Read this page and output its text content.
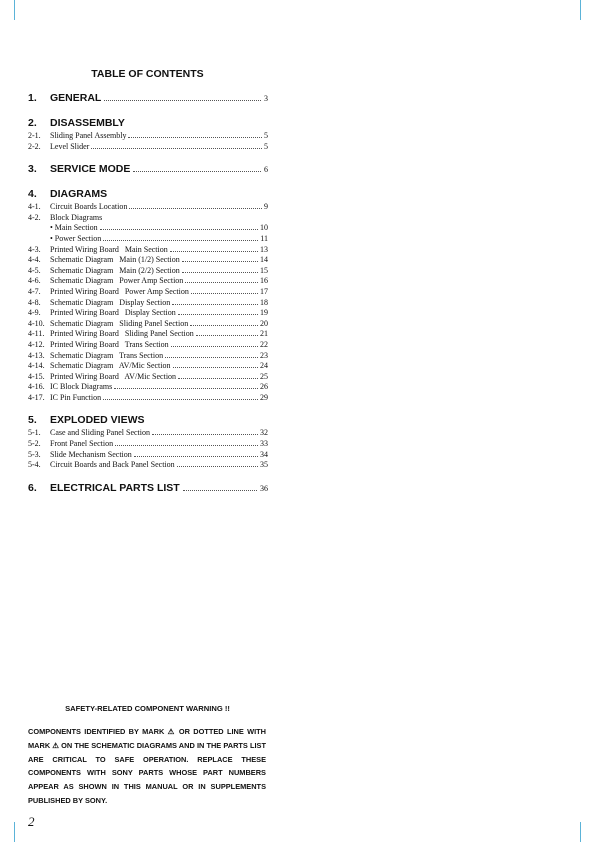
TABLE OF CONTENTS
1.	GENERAL	3
2.	DISASSEMBLY
2-1.	Sliding Panel Assembly	5
2-2.	Level Slider	5
3.	SERVICE MODE	6
4.	DIAGRAMS
4-1.	Circuit Boards Location	9
4-2.	Block Diagrams
• Main Section	10
• Power Section	11
4-3.	Printed Wiring Board   Main Section	13
4-4.	Schematic Diagram   Main (1/2) Section	14
4-5.	Schematic Diagram   Main (2/2) Section	15
4-6.	Schematic Diagram   Power Amp Section	16
4-7.	Printed Wiring Board   Power Amp Section	17
4-8.	Schematic Diagram   Display Section	18
4-9.	Printed Wiring Board   Display Section	19
4-10. Schematic Diagram   Sliding Panel Section	20
4-11. Printed Wiring Board   Sliding Panel Section	21
4-12. Printed Wiring Board   Trans Section	22
4-13. Schematic Diagram   Trans Section	23
4-14. Schematic Diagram   AV/Mic Section	24
4-15. Printed Wiring Board   AV/Mic Section	25
4-16. IC Block Diagrams	26
4-17. IC Pin Function	29
5.	EXPLODED VIEWS
5-1.	Case and Sliding Panel Section	32
5-2.	Front Panel Section	33
5-3.	Slide Mechanism Section	34
5-4.	Circuit Boards and Back Panel Section	35
6.	ELECTRICAL PARTS LIST	36
SAFETY-RELATED COMPONENT WARNING !!
COMPONENTS IDENTIFIED BY MARK ⚠ OR DOTTED LINE WITH MARK ⚠ ON THE SCHEMATIC DIAGRAMS AND IN THE PARTS LIST ARE CRITICAL TO SAFE OPERATION. REPLACE THESE COMPONENTS WITH SONY PARTS WHOSE PART NUMBERS APPEAR AS SHOWN IN THIS MANUAL OR IN SUPPLEMENTS PUBLISHED BY SONY.
2
